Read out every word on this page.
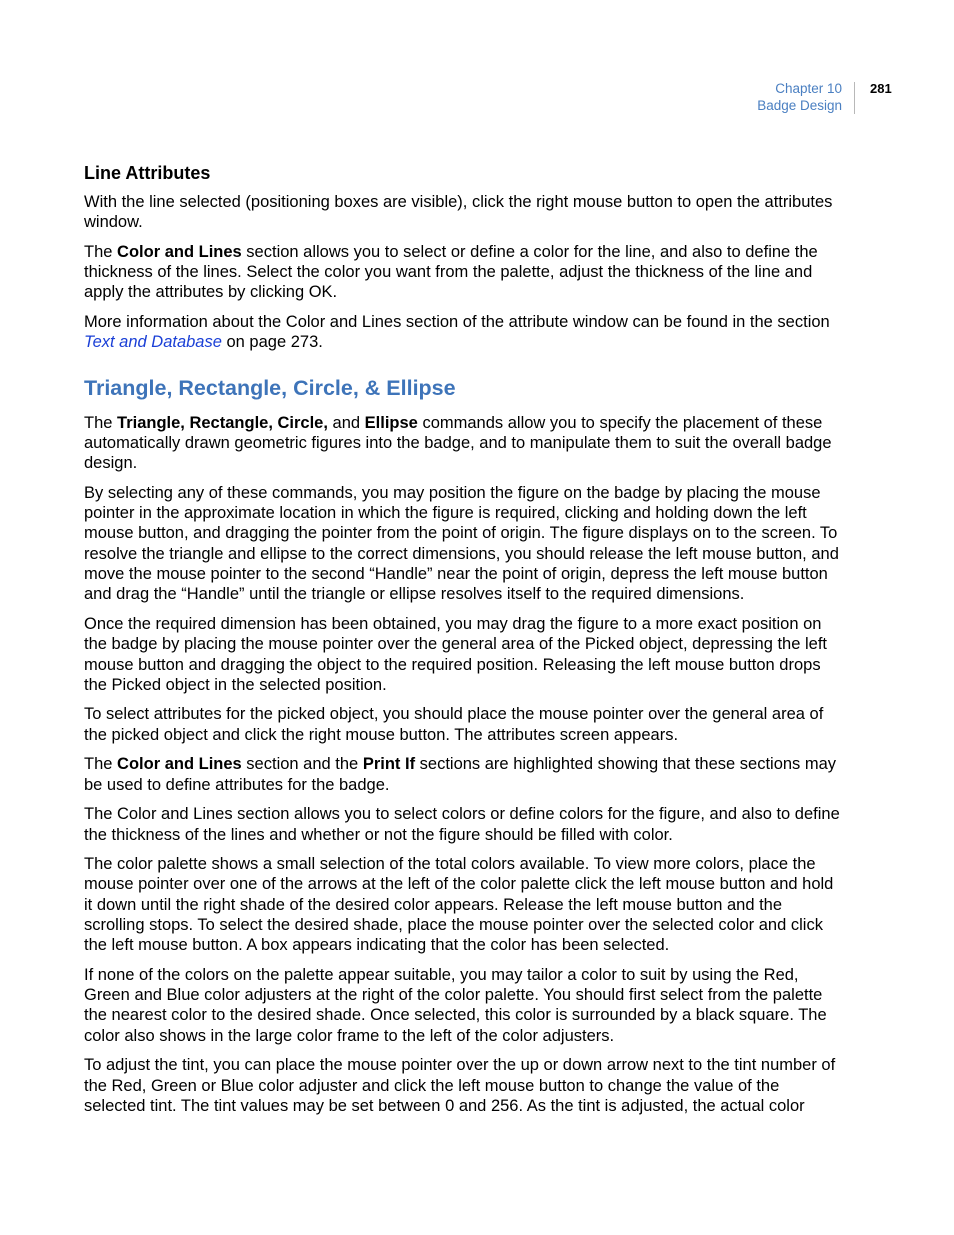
Chapter 10
Badge Design
281
Line Attributes

With the line selected (positioning boxes are visible), click the right mouse button to open the attributes window.

The Color and Lines section allows you to select or define a color for the line, and also to define the thickness of the lines. Select the color you want from the palette, adjust the thickness of the line and apply the attributes by clicking OK.

More information about the Color and Lines section of the attribute window can be found in the section Text and Database on page 273.

Triangle, Rectangle, Circle, & Ellipse

The Triangle, Rectangle, Circle, and Ellipse commands allow you to specify the placement of these automatically drawn geometric figures into the badge, and to manipulate them to suit the overall badge design.

By selecting any of these commands, you may position the figure on the badge by placing the mouse pointer in the approximate location in which the figure is required, clicking and holding down the left mouse button, and dragging the pointer from the point of origin. The figure displays on to the screen. To resolve the triangle and ellipse to the correct dimensions, you should release the left mouse button, and move the mouse pointer to the second “Handle” near the point of origin, depress the left mouse button and drag the “Handle” until the triangle or ellipse resolves itself to the required dimensions.

Once the required dimension has been obtained, you may drag the figure to a more exact position on the badge by placing the mouse pointer over the general area of the Picked object, depressing the left mouse button and dragging the object to the required position. Releasing the left mouse button drops the Picked object in the selected position.

To select attributes for the picked object, you should place the mouse pointer over the general area of the picked object and click the right mouse button. The attributes screen appears.

The Color and Lines section and the Print If sections are highlighted showing that these sections may be used to define attributes for the badge.

The Color and Lines section allows you to select colors or define colors for the figure, and also to define the thickness of the lines and whether or not the figure should be filled with color.

The color palette shows a small selection of the total colors available. To view more colors, place the mouse pointer over one of the arrows at the left of the color palette click the left mouse button and hold it down until the right shade of the desired color appears. Release the left mouse button and the scrolling stops. To select the desired shade, place the mouse pointer over the selected color and click the left mouse button. A box appears indicating that the color has been selected.

If none of the colors on the palette appear suitable, you may tailor a color to suit by using the Red, Green and Blue color adjusters at the right of the color palette. You should first select from the palette the nearest color to the desired shade. Once selected, this color is surrounded by a black square. The color also shows in the large color frame to the left of the color adjusters.

To adjust the tint, you can place the mouse pointer over the up or down arrow next to the tint number of the Red, Green or Blue color adjuster and click the left mouse button to change the value of the selected tint. The tint values may be set between 0 and 256. As the tint is adjusted, the actual color
